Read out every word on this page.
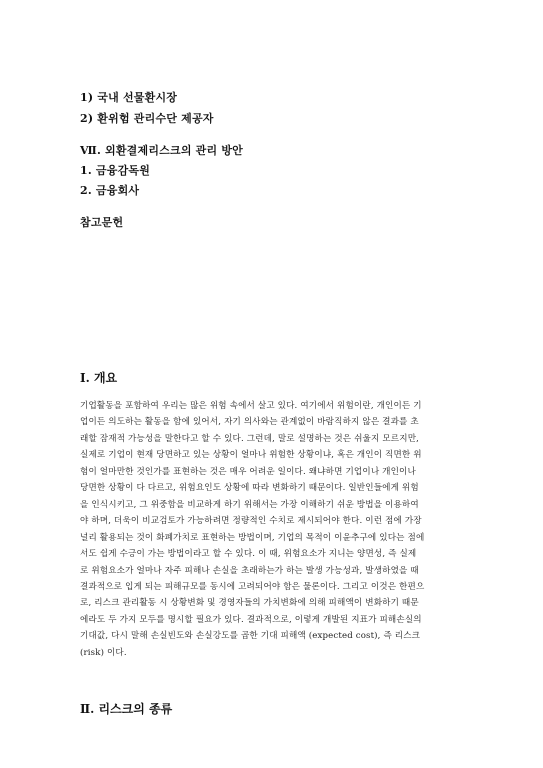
1) 국내 선물환시장
2) 환위험 관리수단 제공자
Ⅶ. 외환결제리스크의 관리 방안
1. 금융감독원
2. 금융회사
참고문헌
Ⅰ. 개요
기업활동을 포함하여 우리는 많은 위험 속에서 살고 있다. 여기에서 위험이란, 개인이든 기
업이든 의도하는 활동을 함에 있어서, 자기 의사와는 관계없이 바람직하지 않은 결과를 초
래할 잠재적 가능성을 말한다고 할 수 있다. 그런데, 말로 설명하는 것은 쉬울지 모르지만,
실제로 기업이 현재 당면하고 있는 상황이 얼마나 위험한 상황이냐, 혹은 개인이 직면한 위
험이 얼마만한 것인가를 표현하는 것은 매우 어려운 일이다. 왜냐하면 기업이나 개인이나
당면한 상황이 다 다르고, 위험요인도 상황에 따라 변화하기 때문이다. 일반인들에게 위험
을 인식시키고, 그 위중함을 비교하게 하기 위해서는 가장 이해하기 쉬운 방법을 이용하여
야 하며, 더욱이 비교검토가 가능하려면 정량적인 수치로 제시되어야 한다. 이런 점에 가장
널리 활용되는 것이 화폐가치로 표현하는 방법이며, 기업의 목적이 이윤추구에 있다는 점에
서도 쉽게 수긍이 가는 방법이라고 할 수 있다. 이 때, 위험요소가 지니는 양면성, 즉 실제
로 위험요소가 얼마나 자주 피해나 손실을 초래하는가 하는 발생 가능성과, 발생하였을 때
결과적으로 입게 되는 피해규모를 동시에 고려되어야 함은 물론이다. 그리고 이것은 한편으
로, 리스크 관리활동 시 상황변화 및 경영자들의 가치변화에 의해 피해액이 변화하기 때문
에라도 두 가지 모두를 명시할 필요가 있다. 결과적으로, 이렇게 개발된 지표가 피해손실의
기대값, 다시 말해 손실빈도와 손실강도를 곱한 기대 피해액 (expected cost), 즉 리스크
(risk) 이다.
Ⅱ. 리스크의 종류
